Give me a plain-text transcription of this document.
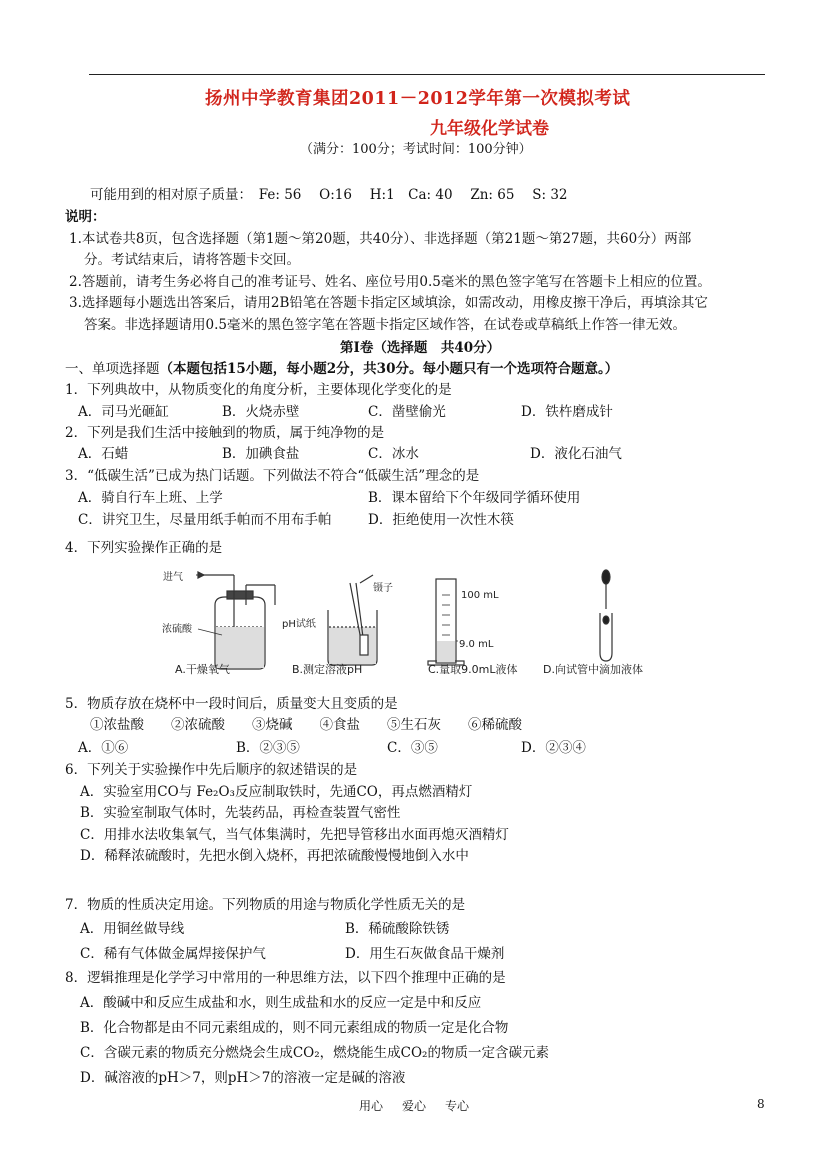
扬州中学教育集团2011－2012学年第一次模拟考试
九年级化学试卷
（满分：100分；考试时间：100分钟）
可能用到的相对原子质量：　Fe: 56　 O:16　 H:1　Ca: 40　 Zn: 65　 S: 32
说明：
1.本试卷共8页，包含选择题（第1题～第20题，共40分）、非选择题（第21题～第27题，共60分）两部
分。考试结束后，请将答题卡交回。
2.答题前，请考生务必将自己的准考证号、姓名、座位号用0.5毫米的黑色签字笔写在答题卡上相应的位置。
3.选择题每小题选出答案后，请用2B铅笔在答题卡指定区域填涂，如需改动，用橡皮擦干净后，再填涂其它
答案。非选择题请用0.5毫米的黑色签字笔在答题卡指定区域作答，在试卷或草稿纸上作答一律无效。
第Ⅰ卷（选择题　共40分）
一、单项选择题（本题包括15小题，每小题2分，共30分。每小题只有一个选项符合题意。）
1．下列典故中，从物质变化的角度分析，主要体现化学变化的是
A．司马光砸缸	B．火烧赤壁	C．凿壁偷光	D．铁杵磨成针
2．下列是我们生活中接触到的物质，属于纯净物的是
A．石蜡	B．加碘食盐	C．冰水	D．液化石油气
3．“低碳生活”已成为热门话题。下列做法不符合“低碳生活”理念的是
A．骑自行车上班、上学	B．课本留给下个年级同学循环使用
C．讲究卫生，尽量用纸手帕而不用布手帕	D．拒绝使用一次性木筷
4．下列实验操作正确的是
进气
浓硫酸
A.干燥氧气
镊子
pH试纸
B.测定溶液pH
100 mL
9.0 mL
C.量取9.0mL液体 D.向试管中滴加液体
5．物质存放在烧杯中一段时间后，质量变大且变质的是
①浓盐酸　　②浓硫酸　　③烧碱　　④食盐　　⑤生石灰　　⑥稀硫酸
A．①⑥	B．②③⑤	C．③⑤	D．②③④
6．下列关于实验操作中先后顺序的叙述错误的是
A．实验室用CO与 Fe₂O₃反应制取铁时，先通CO，再点燃酒精灯
B．实验室制取气体时，先装药品，再检查装置气密性
C．用排水法收集氧气，当气体集满时，先把导管移出水面再熄灭酒精灯
D．稀释浓硫酸时，先把水倒入烧杯，再把浓硫酸慢慢地倒入水中
7．物质的性质决定用途。下列物质的用途与物质化学性质无关的是
A．用铜丝做导线	B．稀硫酸除铁锈
C．稀有气体做金属焊接保护气	D．用生石灰做食品干燥剂
8．逻辑推理是化学学习中常用的一种思维方法，以下四个推理中正确的是
A．酸碱中和反应生成盐和水，则生成盐和水的反应一定是中和反应
B．化合物都是由不同元素组成的，则不同元素组成的物质一定是化合物
C．含碳元素的物质充分燃烧会生成CO₂，燃烧能生成CO₂的物质一定含碳元素
D．碱溶液的pH＞7，则pH＞7的溶液一定是碱的溶液
用心 爱心 专心	8
